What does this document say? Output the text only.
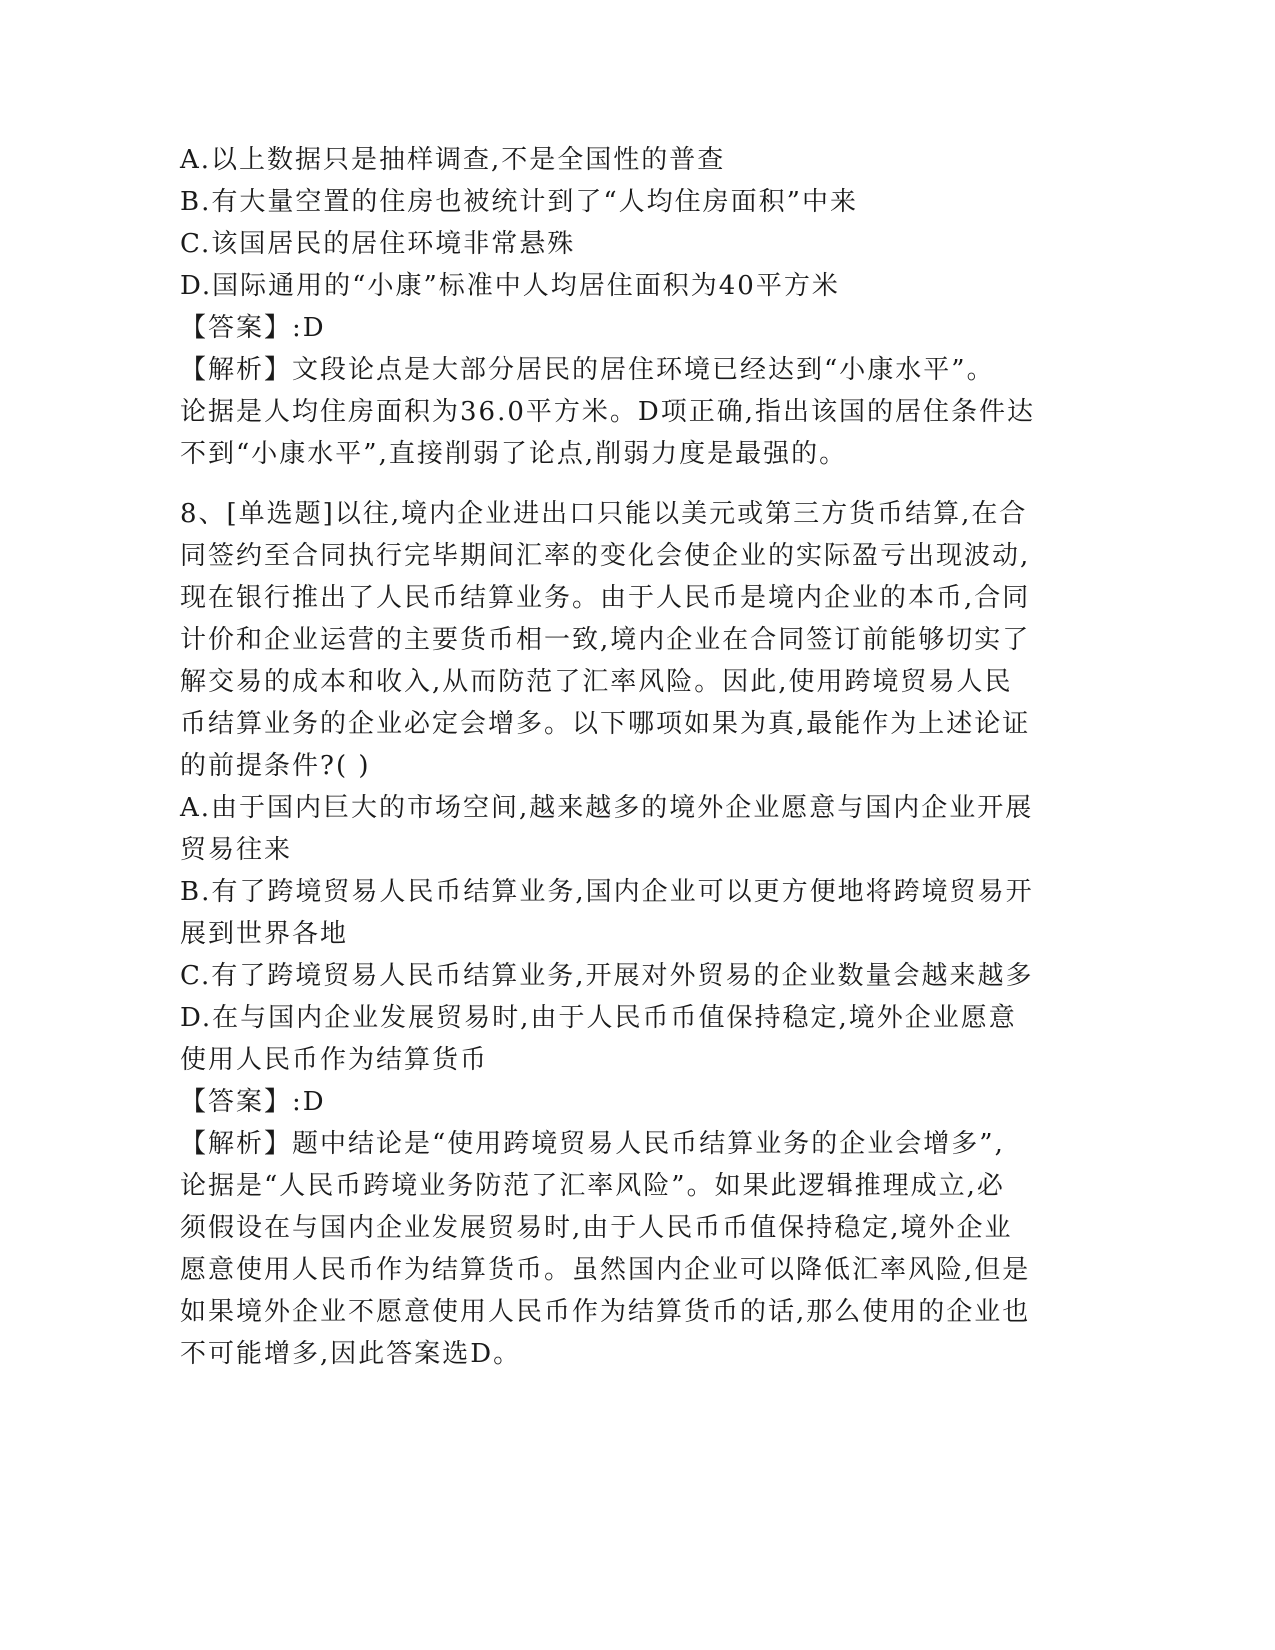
A.以上数据只是抽样调查,不是全国性的普查
B.有大量空置的住房也被统计到了“人均住房面积”中来
C.该国居民的居住环境非常悬殊
D.国际通用的“小康”标准中人均居住面积为40平方米
【答案】:D
【解析】文段论点是大部分居民的居住环境已经达到“小康水平”。
论据是人均住房面积为36.0平方米。D项正确,指出该国的居住条件达
不到“小康水平”,直接削弱了论点,削弱力度是最强的。
8、[单选题]以往,境内企业进出口只能以美元或第三方货币结算,在合
同签约至合同执行完毕期间汇率的变化会使企业的实际盈亏出现波动,
现在银行推出了人民币结算业务。由于人民币是境内企业的本币,合同
计价和企业运营的主要货币相一致,境内企业在合同签订前能够切实了
解交易的成本和收入,从而防范了汇率风险。因此,使用跨境贸易人民
币结算业务的企业必定会增多。以下哪项如果为真,最能作为上述论证
的前提条件?( )
A.由于国内巨大的市场空间,越来越多的境外企业愿意与国内企业开展
贸易往来
B.有了跨境贸易人民币结算业务,国内企业可以更方便地将跨境贸易开
展到世界各地
C.有了跨境贸易人民币结算业务,开展对外贸易的企业数量会越来越多
D.在与国内企业发展贸易时,由于人民币币值保持稳定,境外企业愿意
使用人民币作为结算货币
【答案】:D
【解析】题中结论是“使用跨境贸易人民币结算业务的企业会增多”,
论据是“人民币跨境业务防范了汇率风险”。如果此逻辑推理成立,必
须假设在与国内企业发展贸易时,由于人民币币值保持稳定,境外企业
愿意使用人民币作为结算货币。虽然国内企业可以降低汇率风险,但是
如果境外企业不愿意使用人民币作为结算货币的话,那么使用的企业也
不可能增多,因此答案选D。
